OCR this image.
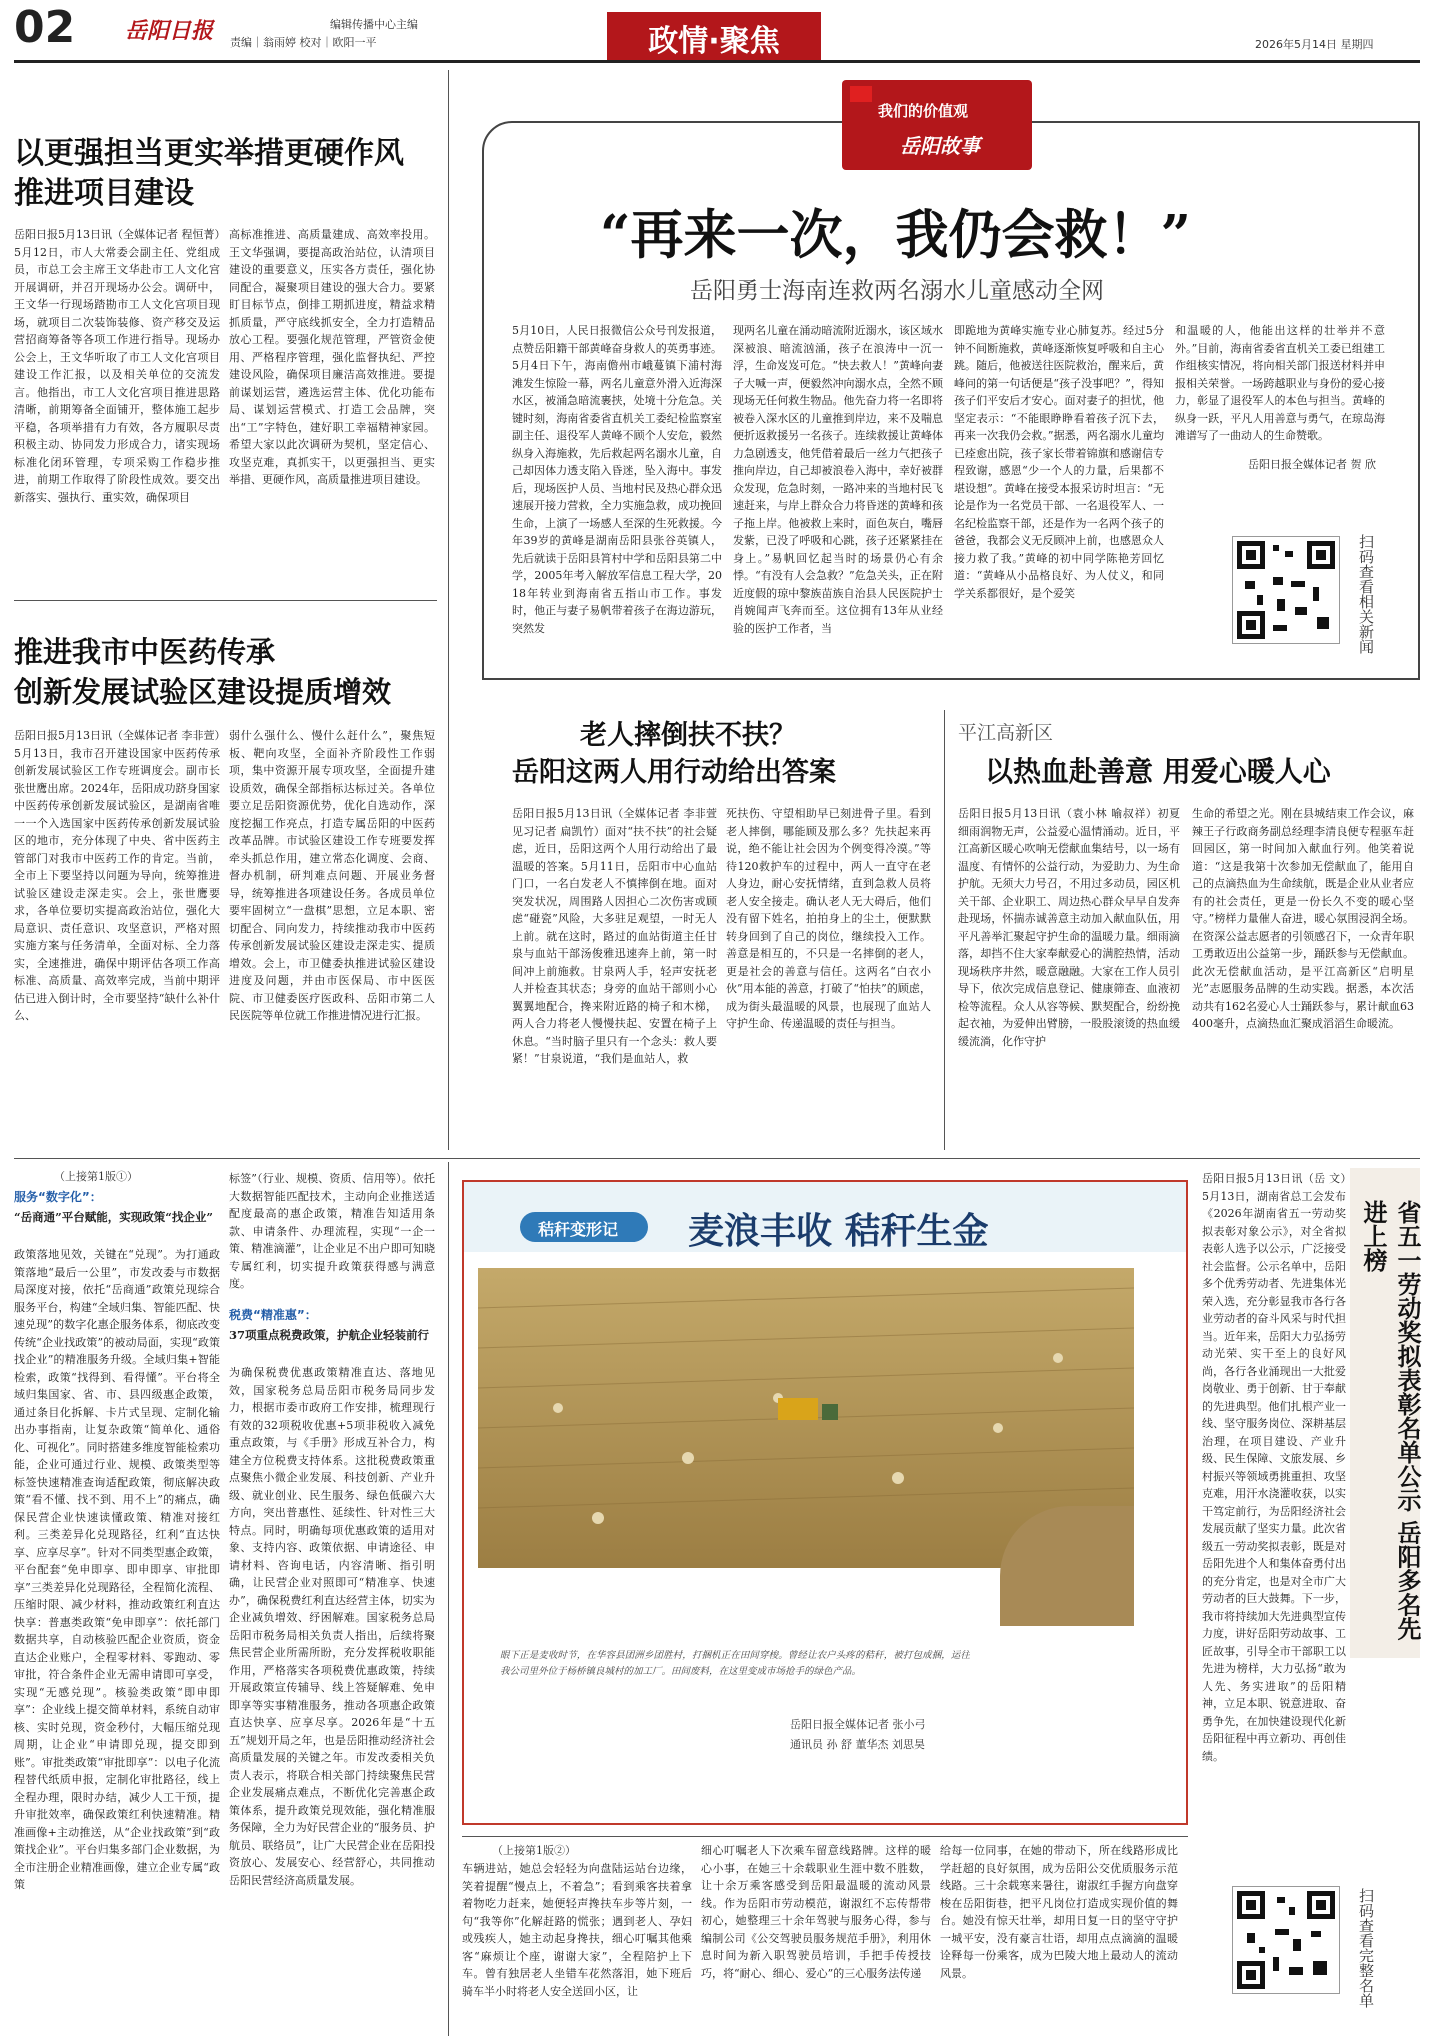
02 岳阳日报	编辑传播中心主编
责编｜翁雨婷 校对｜欧阳一平	政情·聚焦	2026年5月14日 星期四
以更强担当更实举措更硬作风
推进项目建设
岳阳日报5月13日讯（全媒体记者 程恒菁）5月12日，市人大常委会副主任、党组成员，市总工会主席王文华赴市工人文化宫开展调研，并召开现场办公会。调研中，王文华一行现场踏勘市工人文化宫项目现场，就项目二次装饰装修、资产移交及运营招商筹备等各项工作进行指导。现场办公会上，王文华听取了市工人文化宫项目建设工作汇报，以及相关单位的交流发言。他指出，市工人文化宫项目推进思路清晰，前期筹备全面铺开，整体施工起步平稳，各项举措有力有效，各方履职尽责积极主动、协同发力形成合力，诸实现场标准化闭环管理，专项采购工作稳步推进，前期工作取得了阶段性成效。要交出新落实、强执行、重实效，确保项目
高标准推进、高质量建成、高效率投用。王文华强调，要提高政治站位，认清项目建设的重要意义，压实各方责任，强化协同配合，凝聚项目建设的强大合力。要紧盯目标节点，倒排工期抓进度，精益求精抓质量，严守底线抓安全，全力打造精品放心工程。要强化规范管理，严管资金使用、严格程序管理，强化监督执纪、严控建设风险，确保项目廉洁高效推进。要提前谋划运营，遴选运营主体、优化功能布局、谋划运营模式、打造工会品牌，突出“工”字特色，建好职工幸福精神家园。希望大家以此次调研为契机，坚定信心、攻坚克难，真抓实干，以更强担当、更实举措、更硬作风，高质量推进项目建设。
推进我市中医药传承
创新发展试验区建设提质增效
岳阳日报5月13日讯（全媒体记者 李非萱）5月13日，我市召开建设国家中医药传承创新发展试验区工作专班调度会。副市长张世鹰出席。2024年，岳阳成功跻身国家中医药传承创新发展试验区，是湖南省唯一一个入选国家中医药传承创新发展试验区的地市，充分体现了中央、省中医药主管部门对我市中医药工作的肯定。当前，全市上下要坚持以问题为导向，统筹推进试验区建设走深走实。会上，张世鹰要求，各单位要切实提高政治站位，强化大局意识、责任意识、攻坚意识，严格对照实施方案与任务清单，全面对标、全力落实，全速推进，确保中期评估各项工作高标准、高质量、高效率完成，当前中期评估已进入倒计时，全市要坚持“缺什么补什么、
弱什么强什么、慢什么赶什么”，聚焦短板、靶向攻坚，全面补齐阶段性工作弱项，集中资源开展专项攻坚，全面提升建设质效，确保全部指标达标过关。各单位要立足岳阳资源优势，优化自选动作，深度挖掘工作亮点，打造专属岳阳的中医药改革品牌。市试验区建设工作专班要发挥牵头抓总作用，建立常态化调度、会商、督办机制，研判难点问题、开展业务督导，统筹推进各项建设任务。各成员单位要牢固树立“一盘棋”思想，立足本职、密切配合、同向发力，持续推动我市中医药传承创新发展试验区建设走深走实、提质增效。会上，市卫健委执推进试验区建设进度及问题，并由市医保局、市中医医院、市卫健委医疗医政科、岳阳市第二人民医院等单位就工作推进情况进行汇报。
我们的价值观
岳阳故事
“再来一次，我仍会救！”
岳阳勇士海南连救两名溺水儿童感动全网
5月10日，人民日报微信公众号刊发报道，点赞岳阳籍干部黄峰奋身救人的英勇事迹。5月4日下午，海南儋州市峨蔓镇下浦村海滩发生惊险一幕，两名儿童意外滑入近海深水区，被涌急暗流裹挟，处境十分危急。关键时刻，海南省委省直机关工委纪检监察室副主任、退役军人黄峰不顾个人安危，毅然纵身入海施救，先后救起两名溺水儿童，自己却因体力透支陷入昏迷，坠入海中。事发后，现场医护人员、当地村民及热心群众迅速展开接力营救，全力实施急救，成功挽回生命，上演了一场感人至深的生死救援。今年39岁的黄峰是湖南岳阳县张谷英镇人，先后就读于岳阳县筲村中学和岳阳县第二中学，2005年考入解放军信息工程大学，2018年转业到海南省五指山市工作。事发时，他正与妻子易帆带着孩子在海边游玩，突然发
现两名儿童在涌动暗流附近溺水，该区域水深被浪、暗流汹涌，孩子在浪涛中一沉一浮，生命岌岌可危。“快去救人！”黄峰向妻子大喊一声，便毅然冲向溺水点，全然不顾现场无任何救生物品。他先奋力将一名即将被卷入深水区的儿童推到岸边，来不及喘息便折返救援另一名孩子。连续救援让黄峰体力急剧透支，他凭借着最后一丝力气把孩子推向岸边，自己却被浪卷入海中，幸好被群众发现，危急时刻，一路冲来的当地村民飞速赶来，与岸上群众合力将昏迷的黄峰和孩子拖上岸。他被救上来时，面色灰白，嘴唇发紫，已没了呼吸和心跳，孩子还紧紧挂在身上。”易帆回忆起当时的场景仍心有余悸。“有没有人会急救？”危急关头，正在附近度假的琼中黎族苗族自治县人民医院护士肖婉闻声飞奔而至。这位拥有13年从业经验的医护工作者，当
即跪地为黄峰实施专业心肺复苏。经过5分钟不间断施救，黄峰逐渐恢复呼吸和自主心跳。随后，他被送往医院救治，醒来后，黄峰问的第一句话便是“孩子没事吧？”，得知孩子们平安后才安心。面对妻子的担忧，他坚定表示：“不能眼睁睁看着孩子沉下去，再来一次我仍会救。”据悉，两名溺水儿童均已痊愈出院，孩子家长带着锦旗和感谢信专程致谢，感恩“少一个人的力量，后果都不堪设想”。黄峰在接受本报采访时坦言：“无论是作为一名党员干部、一名退役军人、一名纪检监察干部，还是作为一名两个孩子的爸爸，我都会义无反顾冲上前，也感恩众人接力救了我。”黄峰的初中同学陈艳芳回忆道：“黄峰从小品格良好、为人仗义，和同学关系都很好，是个爱笑
和温暖的人，他能出这样的壮举并不意外。”目前，海南省委省直机关工委已组建工作组核实情况，将向相关部门报送材料并申报相关荣誉。一场跨越职业与身份的爱心接力，彰显了退役军人的本色与担当。黄峰的纵身一跃，平凡人用善意与勇气，在琼岛海滩谱写了一曲动人的生命赞歌。
岳阳日报全媒体记者 贺 欣
扫码查看相关新闻
老人摔倒扶不扶？
岳阳这两人用行动给出答案
岳阳日报5月13日讯（全媒体记者 李非萱 见习记者 扁凯竹）面对“扶不扶”的社会疑虑，近日，岳阳这两个人用行动给出了最温暖的答案。5月11日，岳阳市中心血站门口，一名白发老人不慎摔倒在地。面对突发状况，周围路人因担心二次伤害或顾虑“碰瓷”风险，大多驻足观望，一时无人上前。就在这时，路过的血站街道主任甘泉与血站干部汤俊雅迅速奔上前，第一时间冲上前施救。甘泉两人手，轻声安抚老人并检查其状态；身旁的血站干部则小心翼翼地配合，搀来附近路的椅子和木梯，两人合力将老人慢慢扶起、安置在椅子上休息。“当时脑子里只有一个念头：救人要紧！”甘泉说道，“我们是血站人，救
死扶伤、守望相助早已刻进骨子里。看到老人摔倒，哪能顾及那么多？先扶起来再说，绝不能让社会因为个例变得冷漠。”等待120救护车的过程中，两人一直守在老人身边，耐心安抚情绪，直到急救人员将老人安全接走。确认老人无大碍后，他们没有留下姓名，拍拍身上的尘土，便默默转身回到了自己的岗位，继续投入工作。善意是相互的，不只是一名摔倒的老人，更是社会的善意与信任。这两名“白衣小伙”用本能的善意，打破了“怕扶”的顾虑，成为街头最温暖的风景，也展现了血站人守护生命、传递温暖的责任与担当。
平江高新区
以热血赴善意 用爱心暖人心
岳阳日报5月13日讯（袁小林 喻叔祥）初夏细雨润物无声，公益爱心温情涌动。近日，平江高新区暖心吹响无偿献血集结号，以一场有温度、有情怀的公益行动，为爱助力、为生命护航。无须大力号召，不用过多动员，园区机关干部、企业职工、周边热心群众早早自发奔赴现场，怀揣赤诚善意主动加入献血队伍，用平凡善举汇聚起守护生命的温暖力量。细雨滴落，却挡不住大家奉献爱心的满腔热情，活动现场秩序井然，暖意融融。大家在工作人员引导下，依次完成信息登记、健康筛查、血液初检等流程。众人从容等候、默契配合，纷纷挽起衣袖，为爱伸出臂膀，一股股滚烫的热血缓缓流淌，化作守护
生命的希望之光。刚在县城结束工作会议，麻辣王子行政商务副总经理李清良便专程驱车赶回园区，第一时间加入献血行列。他笑着说道：“这是我第十次参加无偿献血了，能用自己的点滴热血为生命续航，既是企业从业者应有的社会责任，更是一份长久不变的暖心坚守。”榜样力量催人奋进，暖心氛围浸润全场。在资深公益志愿者的引领感召下，一众青年职工勇敢迈出公益第一步，踊跃参与无偿献血。此次无偿献血活动，是平江高新区“启明星光”志愿服务品牌的生动实践。据悉，本次活动共有162名爱心人士踊跃参与，累计献血63400毫升，点滴热血汇聚成滔滔生命暖流。
（上接第1版①）
服务“数字化”：
“岳商通”平台赋能，实现政策“找企业”
政策落地见效，关键在“兑现”。为打通政策落地“最后一公里”，市发改委与市数据局深度对接，依托“岳商通”政策兑现综合服务平台，构建“全域归集、智能匹配、快速兑现”的数字化惠企服务体系，彻底改变传统“企业找政策”的被动局面，实现“政策找企业”的精准服务升级。全域归集+智能检索，政策“找得到、看得懂”。平台将全域归集国家、省、市、县四级惠企政策，通过条目化拆解、卡片式呈现、定制化输出办事指南，让复杂政策“简单化、通俗化、可视化”。同时搭建多维度智能检索功能，企业可通过行业、规模、政策类型等标签快速精准查询适配政策，彻底解决政策“看不懂、找不到、用不上”的痛点，确保民营企业快速读懂政策、精准对接红利。三类差异化兑现路径，红利“直达快享、应享尽享”。针对不同类型惠企政策，平台配套“免申即享、即申即享、审批即享”三类差异化兑现路径，全程简化流程、压缩时限、减少材料，推动政策红利直达快享：普惠类政策“免申即享”：依托部门数据共享，自动核验匹配企业资质，资金直达企业账户，全程零材料、零跑动、零审批，符合条件企业无需申请即可享受，实现“无感兑现”。核验类政策“即申即享”：企业线上提交简单材料，系统自动审核、实时兑现，资金秒付，大幅压缩兑现周期，让企业“申请即兑现，提交即到账”。审批类政策“审批即享”：以电子化流程替代纸质申报，定制化审批路径，线上全程办理，限时办结，减少人工干预，提升审批效率，确保政策红利快速精准。精准画像+主动推送，从“企业找政策”到“政策找企业”。平台归集多部门企业数据，为全市注册企业精准画像，建立企业专属“政策
标签”（行业、规模、资质、信用等）。依托大数据智能匹配技术，主动向企业推送适配度最高的惠企政策，精准告知适用条款、申请条件、办理流程，实现“一企一策、精准滴灌”，让企业足不出户即可知晓专属红利，切实提升政策获得感与满意度。
税费“精准惠”：
37项重点税费政策，护航企业轻装前行
为确保税费优惠政策精准直达、落地见效，国家税务总局岳阳市税务局同步发力，根据市委市政府工作安排，梳理现行有效的32项税收优惠+5项非税收入减免重点政策，与《手册》形成互补合力，构建全方位税费支持体系。这批税费政策重点聚焦小微企业发展、科技创新、产业升级、就业创业、民生服务、绿色低碳六大方向，突出普惠性、延续性、针对性三大特点。同时，明确每项优惠政策的适用对象、支持内容、政策依据、申请途径、申请材料、咨询电话，内容清晰、指引明确，让民营企业对照即可“精准享、快速办”，确保税费红利直达经营主体，切实为企业减负增效、纾困解难。国家税务总局岳阳市税务局相关负责人指出，后续将聚焦民营企业所需所盼，充分发挥税收职能作用，严格落实各项税费优惠政策，持续开展政策宣传辅导、线上答疑解难、免申即享等实事精准服务，推动各项惠企政策直达快享、应享尽享。2026年是“十五五”规划开局之年，也是岳阳推动经济社会高质量发展的关键之年。市发改委相关负责人表示，将联合相关部门持续聚焦民营企业发展痛点难点，不断优化完善惠企政策体系，提升政策兑现效能，强化精准服务保障，全力为好民营企业的“服务员、护航员、联络员”，让广大民营企业在岳阳投资放心、发展安心、经营舒心，共同推动岳阳民营经济高质量发展。
秸秆变形记 麦浪丰收 秸秆生金
眼下正是麦收时节，在华容县团洲乡团胜村，打捆机正在田间穿梭。曾经让农户头疼的秸秆，被打包成捆，运往我公司里外位于杨桥镇良城村的加工厂。田间废料，在这里变成市场抢手的绿色产品。
岳阳日报全媒体记者 张小弓
通讯员 孙 舒 董华杰 刘思昊
省五一劳动奖拟表彰名单公示 岳阳多名先进上榜
岳阳日报5月13日讯（岳 文）5月13日，湖南省总工会发布《2026年湖南省五一劳动奖拟表彰对象公示》，对全省拟表彰人选予以公示，广泛接受社会监督。公示名单中，岳阳多个优秀劳动者、先进集体光荣入选，充分彰显我市各行各业劳动者的奋斗风采与时代担当。近年来，岳阳大力弘扬劳动光荣、实干至上的良好风尚，各行各业涌现出一大批爱岗敬业、勇于创新、甘于奉献的先进典型。他们扎根产业一线、坚守服务岗位、深耕基层治理，在项目建设、产业升级、民生保障、文旅发展、乡村振兴等领域勇挑重担、攻坚克难，用汗水浇灌收获，以实干笃定前行，为岳阳经济社会发展贡献了坚实力量。此次省级五一劳动奖拟表彰，既是对岳阳先进个人和集体奋勇付出的充分肯定，也是对全市广大劳动者的巨大鼓舞。下一步，我市将持续加大先进典型宣传力度，讲好岳阳劳动故事、工匠故事，引导全市干部职工以先进为榜样，大力弘扬“敢为人先、务实进取”的岳阳精神，立足本职、锐意进取、奋勇争先，在加快建设现代化新岳阳征程中再立新功、再创佳绩。
扫码查看完整名单
（上接第1版②）
车辆进站，她总会轻轻为向盘陆运站台边缘，笑着提醒“慢点上，不着急”；看到乘客扶着拿着物吃力赶来，她便轻声搀扶车步等片刻，一句“我等你”化解赶路的慌张；遇到老人、孕妇或残疾人，她主动起身搀扶，细心叮嘱其他乘客“麻烦让个座，谢谢大家”，全程陪护上下车。曾有独居老人坐错车花然落泪，她下班后骑车半小时将老人安全送回小区，让
细心叮嘱老人下次乘车留意线路牌。这样的暖心小事，在她三十余载职业生涯中数不胜数，让十余万乘客感受到岳阳最温暖的流动风景线。作为岳阳市劳动模范，谢淑红不忘传帮带初心，她整理三十余年驾驶与服务心得，参与编制公司《公交驾驶员服务规范手册》，利用休息时间为新入职驾驶员培训，手把手传授技巧，将“耐心、细心、爱心”的三心服务法传递
给每一位同事，在她的带动下，所在线路形成比学赶超的良好氛围，成为岳阳公交优质服务示范线路。三十余载寒来暑往，谢淑红手握方向盘穿梭在岳阳街巷，把平凡岗位打造成实现价值的舞台。她没有惊天壮举，却用日复一日的坚守守护一城平安，没有豪言壮语，却用点点滴滴的温暖诠释每一份乘客，成为巴陵大地上最动人的流动风景。
